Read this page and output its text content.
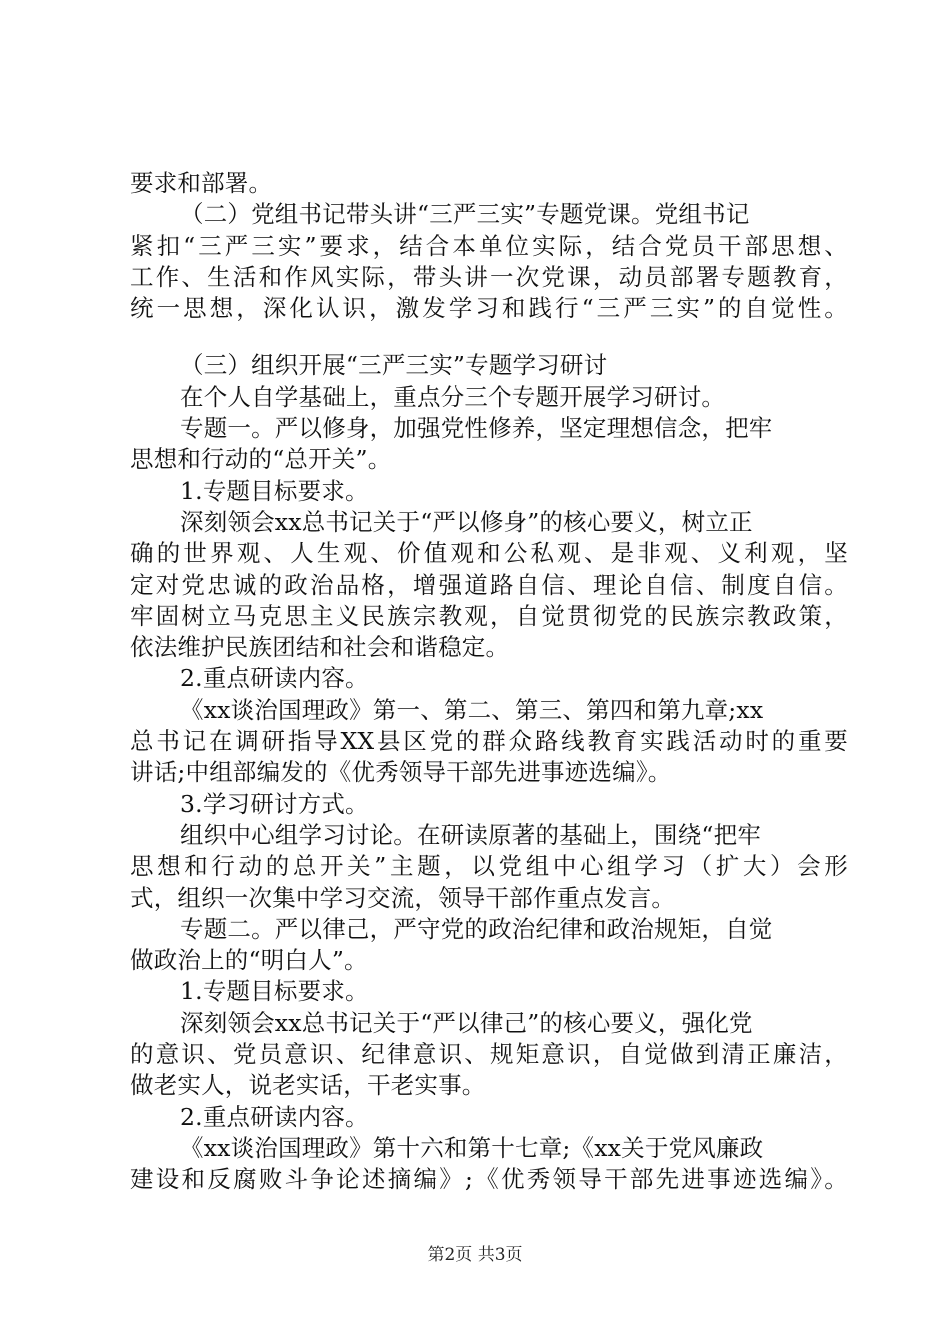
要求和部署。
（二）党组书记带头讲“三严三实”专题党课。党组书记
紧扣“三严三实”要求，结合本单位实际，结合党员干部思想、
工作、生活和作风实际，带头讲一次党课，动员部署专题教育，
统一思想，深化认识，激发学习和践行“三严三实”的自觉性。
（三）组织开展“三严三实”专题学习研讨
在个人自学基础上，重点分三个专题开展学习研讨。
专题一。严以修身，加强党性修养，坚定理想信念，把牢
思想和行动的“总开关”。
1.专题目标要求。
深刻领会xx总书记关于“严以修身”的核心要义，树立正
确的世界观、人生观、价值观和公私观、是非观、义利观，坚
定对党忠诚的政治品格，增强道路自信、理论自信、制度自信。
牢固树立马克思主义民族宗教观，自觉贯彻党的民族宗教政策，
依法维护民族团结和社会和谐稳定。
2.重点研读内容。
《xx谈治国理政》第一、第二、第三、第四和第九章;xx
总书记在调研指导XX县区党的群众路线教育实践活动时的重要
讲话;中组部编发的《优秀领导干部先进事迹选编》。
3.学习研讨方式。
组织中心组学习讨论。在研读原著的基础上，围绕“把牢
思想和行动的总开关”主题，以党组中心组学习（扩大）会形
式，组织一次集中学习交流，领导干部作重点发言。
专题二。严以律己，严守党的政治纪律和政治规矩，自觉
做政治上的“明白人”。
1.专题目标要求。
深刻领会xx总书记关于“严以律己”的核心要义，强化党
的意识、党员意识、纪律意识、规矩意识，自觉做到清正廉洁，
做老实人，说老实话，干老实事。
2.重点研读内容。
《xx谈治国理政》第十六和第十七章;《xx关于党风廉政
建设和反腐败斗争论述摘编》;《优秀领导干部先进事迹选编》。
第2页 共3页
